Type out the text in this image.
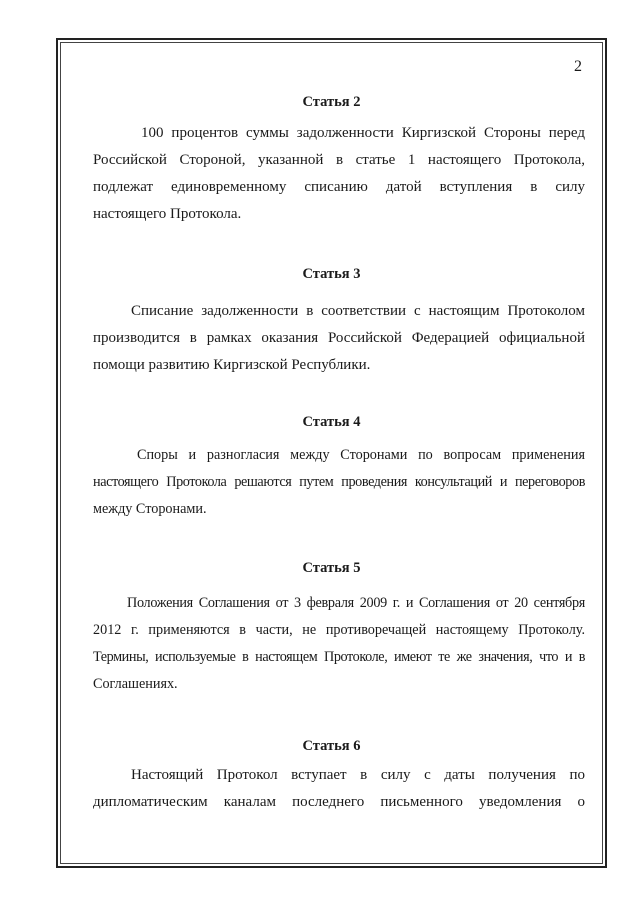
2
Статья 2
100 процентов суммы задолженности Киргизской Стороны перед
Российской Стороной, указанной в статье 1 настоящего Протокола,
подлежат единовременному списанию датой вступления в силу
настоящего Протокола.
Статья 3
Списание задолженности в соответствии с настоящим Протоколом
производится в рамках оказания Российской Федерацией официальной
помощи развитию Киргизской Республики.
Статья 4
Споры и разногласия между Сторонами по вопросам применения
настоящего Протокола решаются путем проведения консультаций и переговоров
между Сторонами.
Статья 5
Положения Соглашения от 3 февраля 2009 г. и Соглашения от 20 сентября
2012 г. применяются в части, не противоречащей настоящему Протоколу.
Термины, используемые в настоящем Протоколе, имеют те же значения, что и в
Соглашениях.
Статья 6
Настоящий Протокол вступает в силу с даты получения по
дипломатическим каналам последнего письменного уведомления о
